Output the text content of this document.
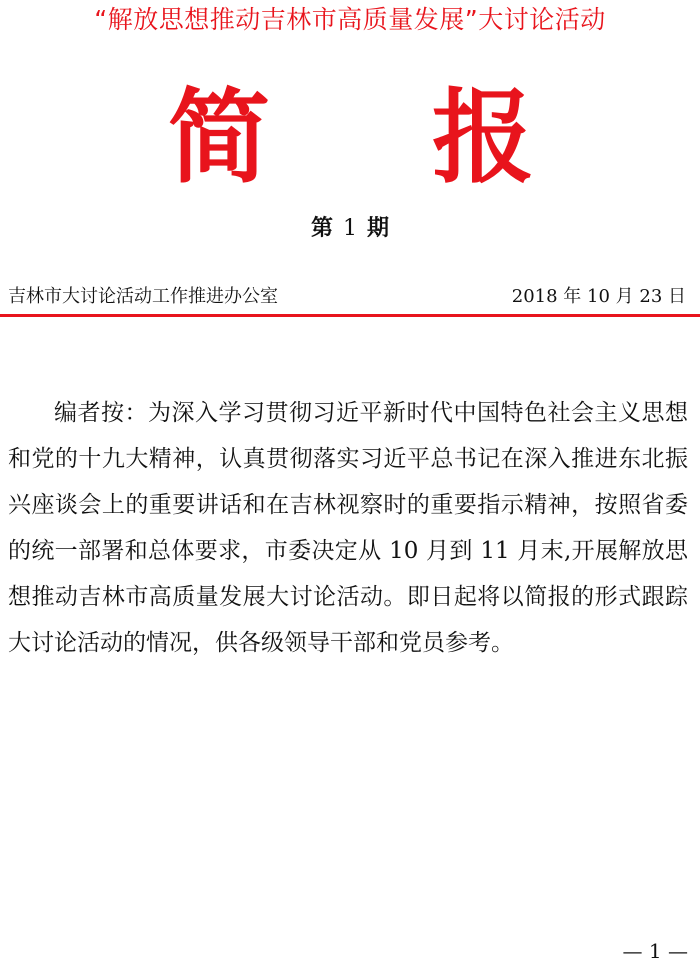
“解放思想推动吉林市高质量发展”大讨论活动
简 报
第 1 期
吉林市大讨论活动工作推进办公室	2018 年 10 月 23 日

编者按：为深入学习贯彻习近平新时代中国特色社会主义思想和党的十九大精神，认真贯彻落实习近平总书记在深入推进东北振兴座谈会上的重要讲话和在吉林视察时的重要指示精神，按照省委的统一部署和总体要求，市委决定从 10 月到 11 月末,开展解放思想推动吉林市高质量发展大讨论活动。即日起将以简报的形式跟踪大讨论活动的情况，供各级领导干部和党员参考。

— 1 —
